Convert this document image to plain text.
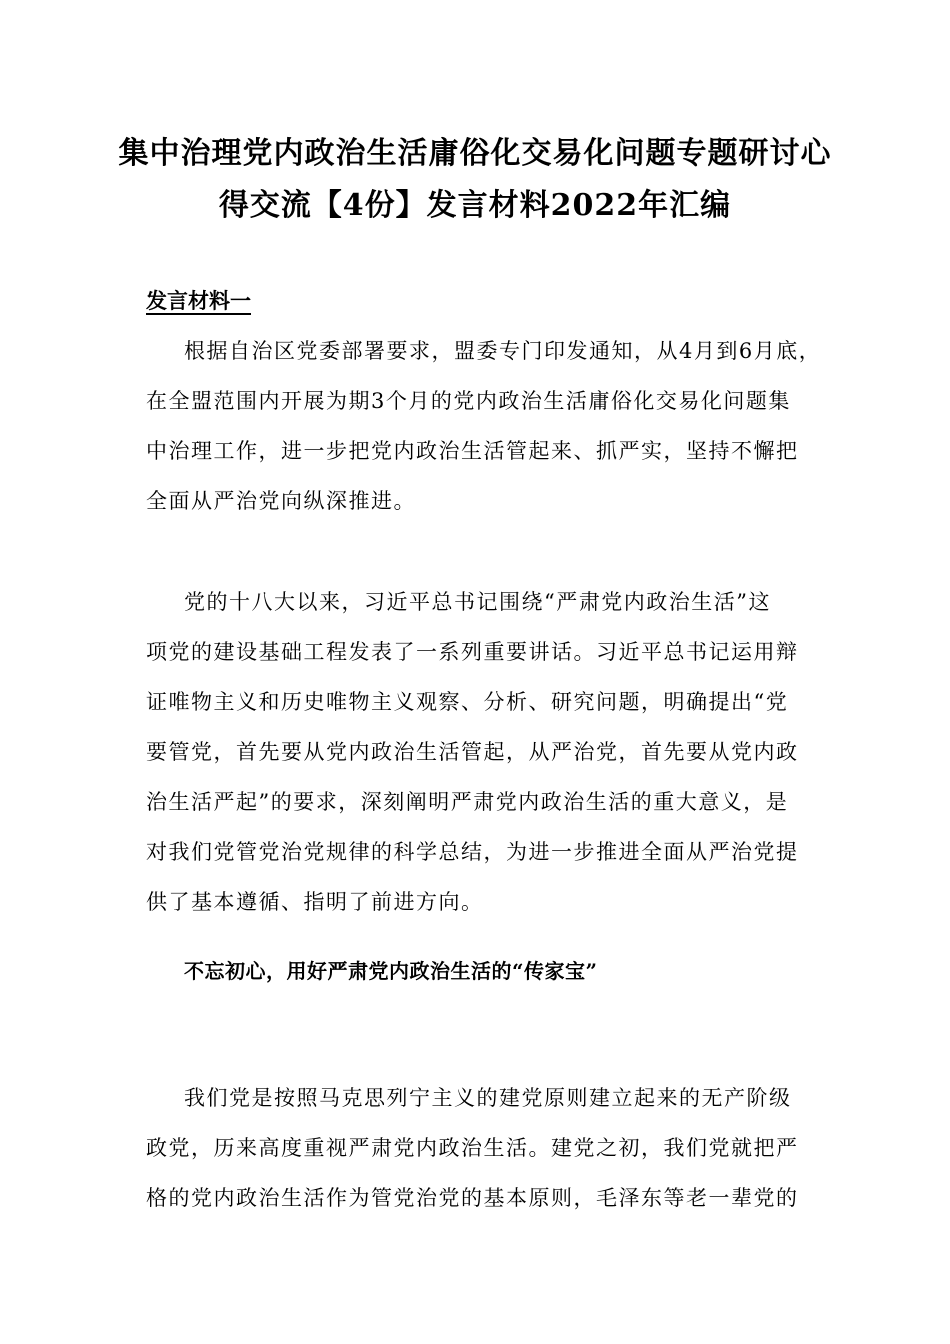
集中治理党内政治生活庸俗化交易化问题专题研讨心
得交流【4份】发言材料2022年汇编
发言材料一
根据自治区党委部署要求，盟委专门印发通知，从4月到6月底，
在全盟范围内开展为期3个月的党内政治生活庸俗化交易化问题集
中治理工作，进一步把党内政治生活管起来、抓严实，坚持不懈把
全面从严治党向纵深推进。
党的十八大以来，习近平总书记围绕“严肃党内政治生活”这
项党的建设基础工程发表了一系列重要讲话。习近平总书记运用辩
证唯物主义和历史唯物主义观察、分析、研究问题，明确提出“党
要管党，首先要从党内政治生活管起，从严治党，首先要从党内政
治生活严起”的要求，深刻阐明严肃党内政治生活的重大意义，是
对我们党管党治党规律的科学总结，为进一步推进全面从严治党提
供了基本遵循、指明了前进方向。
不忘初心，用好严肃党内政治生活的“传家宝”
我们党是按照马克思列宁主义的建党原则建立起来的无产阶级
政党，历来高度重视严肃党内政治生活。建党之初，我们党就把严
格的党内政治生活作为管党治党的基本原则，毛泽东等老一辈党的
